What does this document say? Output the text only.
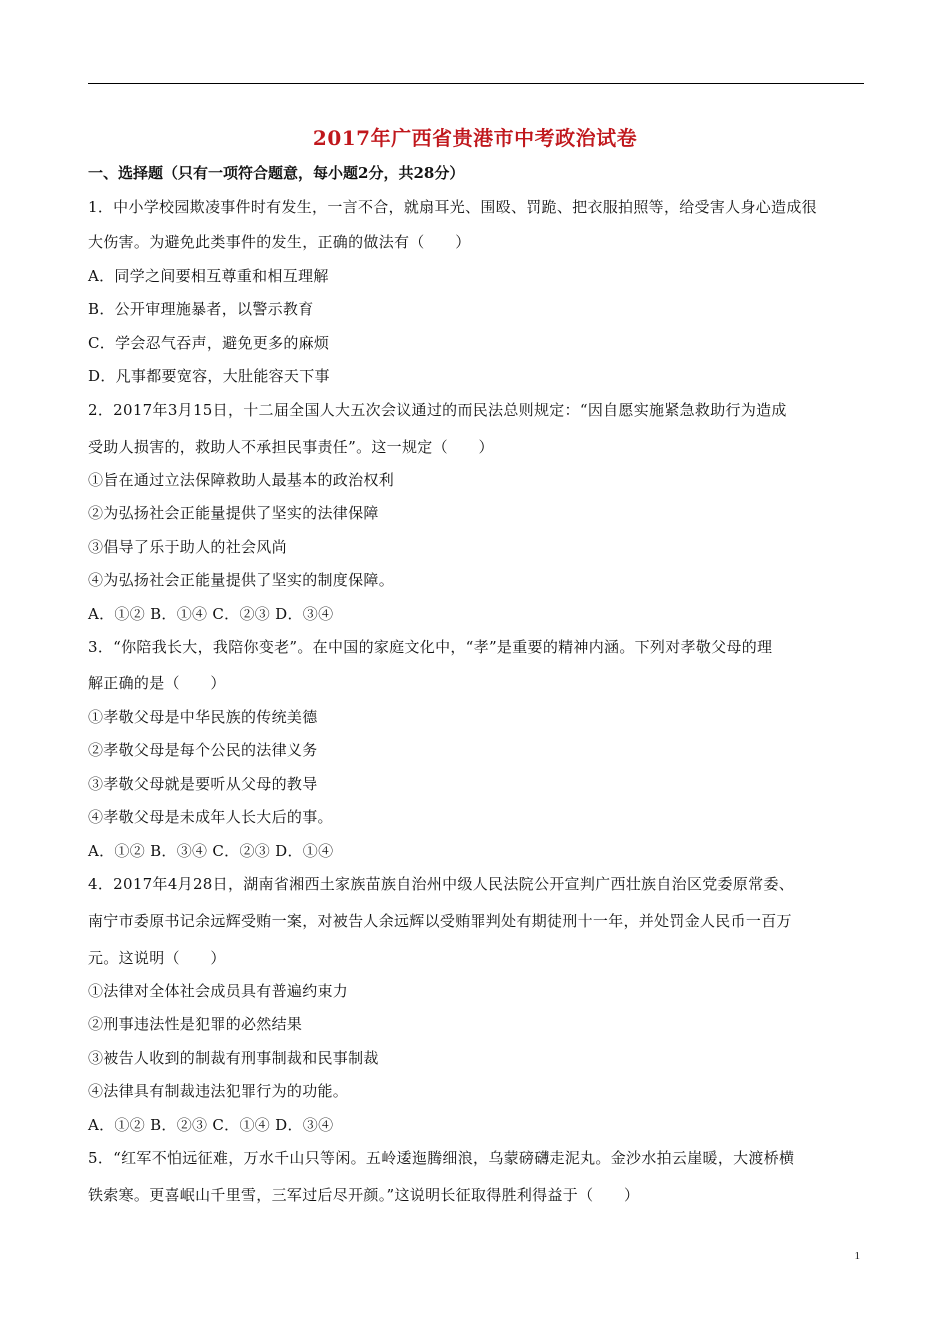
2017年广西省贵港市中考政治试卷
一、选择题（只有一项符合题意，每小题2分，共28分）
1．中小学校园欺凌事件时有发生，一言不合，就扇耳光、围殴、罚跪、把衣服拍照等，给受害人身心造成很
大伤害。为避免此类事件的发生，正确的做法有（　　）
A．同学之间要相互尊重和相互理解
B．公开审理施暴者，以警示教育
C．学会忍气吞声，避免更多的麻烦
D．凡事都要宽容，大肚能容天下事
2．2017年3月15日，十二届全国人大五次会议通过的而民法总则规定：“因自愿实施紧急救助行为造成
受助人损害的，救助人不承担民事责任”。这一规定（　　）
①旨在通过立法保障救助人最基本的政治权利
②为弘扬社会正能量提供了坚实的法律保障
③倡导了乐于助人的社会风尚
④为弘扬社会正能量提供了坚实的制度保障。
A．①② B．①④ C．②③ D．③④
3．“你陪我长大，我陪你变老”。在中国的家庭文化中，“孝”是重要的精神内涵。下列对孝敬父母的理
解正确的是（　　）
①孝敬父母是中华民族的传统美德
②孝敬父母是每个公民的法律义务
③孝敬父母就是要听从父母的教导
④孝敬父母是未成年人长大后的事。
A．①② B．③④ C．②③ D．①④
4．2017年4月28日，湖南省湘西土家族苗族自治州中级人民法院公开宣判广西壮族自治区党委原常委、
南宁市委原书记余远辉受贿一案，对被告人余远辉以受贿罪判处有期徒刑十一年，并处罚金人民币一百万
元。这说明（　　）
①法律对全体社会成员具有普遍约束力
②刑事违法性是犯罪的必然结果
③被告人收到的制裁有刑事制裁和民事制裁
④法律具有制裁违法犯罪行为的功能。
A．①② B．②③ C．①④ D．③④
5．“红军不怕远征难，万水千山只等闲。五岭逶迤腾细浪，乌蒙磅礴走泥丸。金沙水拍云崖暖，大渡桥横
铁索寒。更喜岷山千里雪，三军过后尽开颜。”这说明长征取得胜利得益于（　　）
1
